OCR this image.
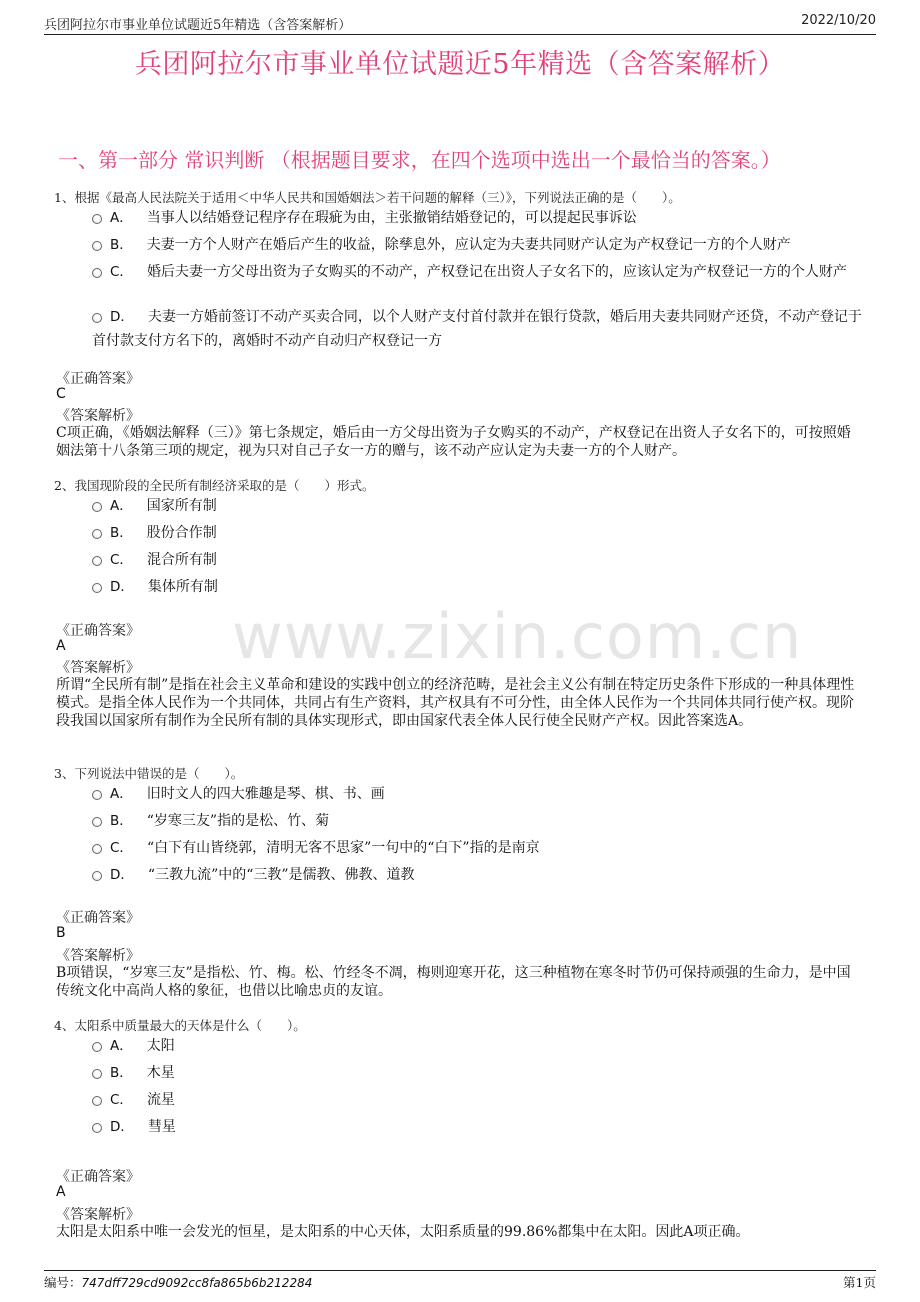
兵团阿拉尔市事业单位试题近5年精选（含答案解析）	2022/10/20
兵团阿拉尔市事业单位试题近5年精选（含答案解析）
一、第一部分 常识判断 （根据题目要求，在四个选项中选出一个最恰当的答案。）
www.zixin.com.cn
1、根据《最高人民法院关于适用＜中华人民共和国婚姻法＞若干问题的解释（三）》，下列说法正确的是（　　）。
A． 当事人以结婚登记程序存在瑕疵为由，主张撤销结婚登记的，可以提起民事诉讼
B． 夫妻一方个人财产在婚后产生的收益，除孳息外，应认定为夫妻共同财产认定为产权登记一方的个人财产
C． 婚后夫妻一方父母出资为子女购买的不动产，产权登记在出资人子女名下的，应该认定为产权登记一方的个人财产
D． 夫妻一方婚前签订不动产买卖合同，以个人财产支付首付款并在银行贷款，婚后用夫妻共同财产还贷，不动产登记于首付款支付方名下的，离婚时不动产自动归产权登记一方
《正确答案》
C
《答案解析》
C项正确，《婚姻法解释（三）》第七条规定，婚后由一方父母出资为子女购买的不动产，产权登记在出资人子女名下的，可按照婚姻法第十八条第三项的规定，视为只对自己子女一方的赠与，该不动产应认定为夫妻一方的个人财产。
2、我国现阶段的全民所有制经济采取的是（　　）形式。
A． 国家所有制
B． 股份合作制
C． 混合所有制
D． 集体所有制
《正确答案》
A
《答案解析》
所谓“全民所有制”是指在社会主义革命和建设的实践中创立的经济范畴，是社会主义公有制在特定历史条件下形成的一种具体理性模式。是指全体人民作为一个共同体，共同占有生产资料，其产权具有不可分性，由全体人民作为一个共同体共同行使产权。现阶段我国以国家所有制作为全民所有制的具体实现形式，即由国家代表全体人民行使全民财产产权。因此答案选A。
3、下列说法中错误的是（　　）。
A． 旧时文人的四大雅趣是琴、棋、书、画
B． “岁寒三友”指的是松、竹、菊
C． “白下有山皆绕郭，清明无客不思家”一句中的“白下”指的是南京
D． “三教九流”中的“三教”是儒教、佛教、道教
《正确答案》
B
《答案解析》
B项错误，“岁寒三友”是指松、竹、梅。松、竹经冬不凋，梅则迎寒开花，这三种植物在寒冬时节仍可保持顽强的生命力，是中国传统文化中高尚人格的象征，也借以比喻忠贞的友谊。
4、太阳系中质量最大的天体是什么（　　）。
A． 太阳
B． 木星
C． 流星
D． 彗星
《正确答案》
A
《答案解析》
太阳是太阳系中唯一会发光的恒星，是太阳系的中心天体，太阳系质量的99.86%都集中在太阳。因此A项正确。
编号：747dff729cd9092cc8fa865b6b212284	第1页
